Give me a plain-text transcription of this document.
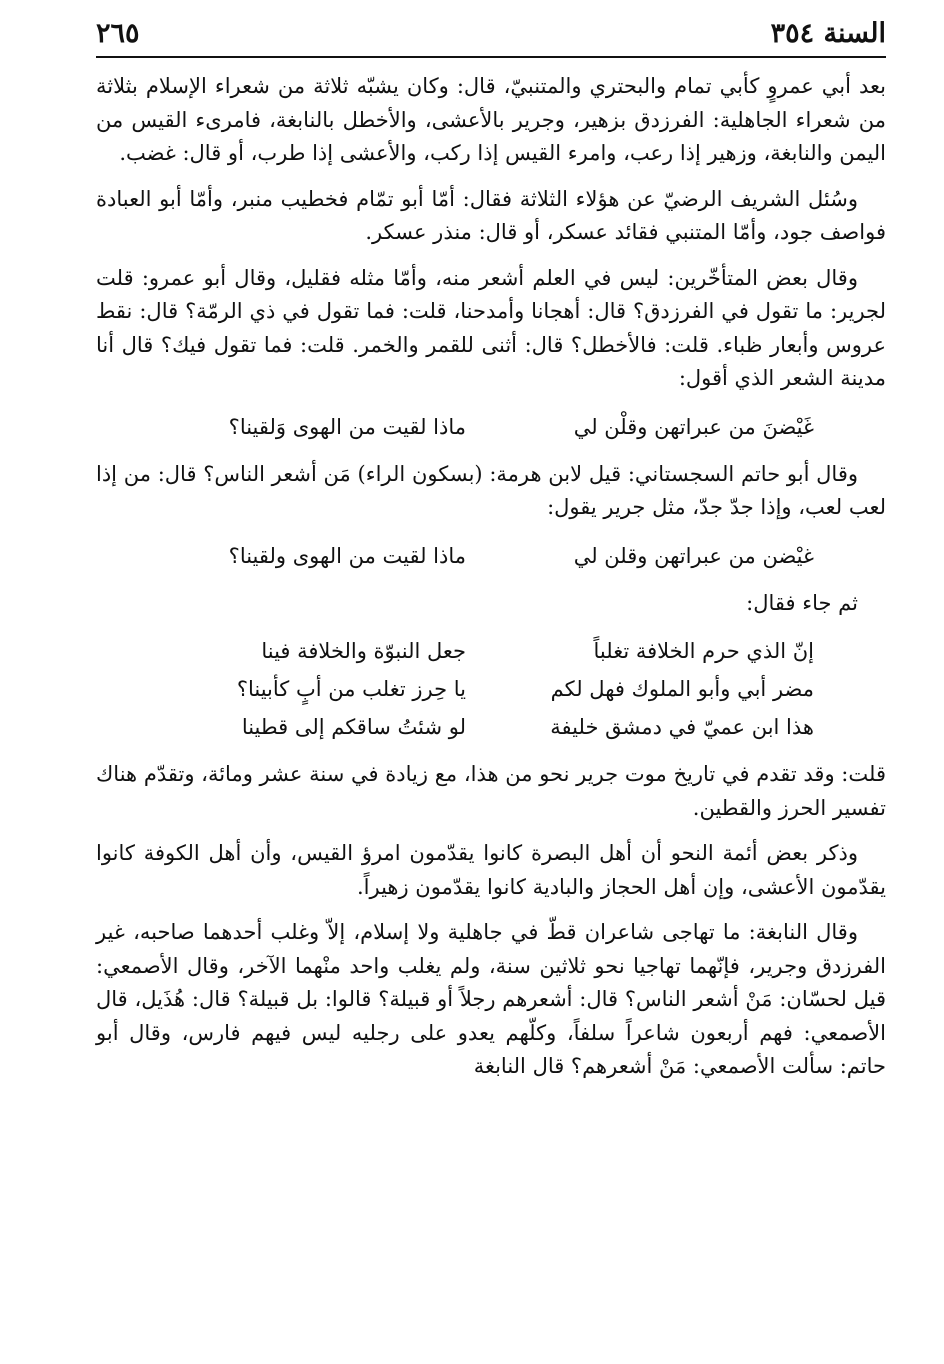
السنة ٣٥٤
٢٦٥

بعد أبي عمروٍ كأبي تمام والبحتري والمتنبيّ، قال: وكان يشبّه ثلاثة من شعراء الإسلام بثلاثة من شعراء الجاهلية: الفرزدق بزهير، وجرير بالأعشى، والأخطل بالنابغة، فامرىء القيس من اليمن والنابغة، وزهير إذا رعب، وامرء القيس إذا ركب، والأعشى إذا طرب، أو قال: غضب.

وسُئل الشريف الرضيّ عن هؤلاء الثلاثة فقال: أمّا أبو تمّام فخطيب منبر، وأمّا أبو العبادة فواصف جود، وأمّا المتنبي فقائد عسكر، أو قال: منذر عسكر.

وقال بعض المتأخّرين: ليس في العلم أشعر منه، وأمّا مثله فقليل، وقال أبو عمرو: قلت لجرير: ما تقول في الفرزدق؟ قال: أهجانا وأمدحنا، قلت: فما تقول في ذي الرمّة؟ قال: نقط عروس وأبعار ظباء. قلت: فالأخطل؟ قال: أثنى للقمر والخمر. قلت: فما تقول فيك؟ قال أنا مدينة الشعر الذي أقول:

غَيْضنَ من عبراتهن وقلْن لي
ماذا لقيت من الهوى وَلقينا؟

وقال أبو حاتم السجستاني: قيل لابن هرمة: (بسكون الراء) مَن أشعر الناس؟ قال: من إذا لعب لعب، وإذا جدّ جدّ، مثل جرير يقول:

غيْضن من عبراتهن وقلن لي
ماذا لقيت من الهوى ولقينا؟

ثم جاء فقال:

إنّ الذي حرم الخلافة تغلباً
جعل النبوّة والخلافة فينا
مضر أبي وأبو الملوك فهل لكم
يا حِرز تغلب من أبٍ كأبينا؟
هذا ابن عميّ في دمشق خليفة
لو شئتُ ساقكم إلى قطينا

قلت: وقد تقدم في تاريخ موت جرير نحو من هذا، مع زيادة في سنة عشر ومائة، وتقدّم هناك تفسير الحرز والقطين.

وذكر بعض أئمة النحو أن أهل البصرة كانوا يقدّمون امرؤ القيس، وأن أهل الكوفة كانوا يقدّمون الأعشى، وإن أهل الحجاز والبادية كانوا يقدّمون زهيراً.

وقال النابغة: ما تهاجى شاعران قطّ في جاهلية ولا إسلام، إلاّ وغلب أحدهما صاحبه، غير الفرزدق وجرير، فإنّهما تهاجيا نحو ثلاثين سنة، ولم يغلب واحد منْهما الآخر، وقال الأصمعي: قيل لحسّان: مَنْ أشعر الناس؟ قال: أشعرهم رجلاً أو قبيلة؟ قالوا: بل قبيلة؟ قال: هُذَيل، قال الأصمعي: فهم أربعون شاعراً سلفاً، وكلّهم يعدو على رجليه ليس فيهم فارس، وقال أبو حاتم: سألت الأصمعي: مَنْ أشعرهم؟ قال النابغة
